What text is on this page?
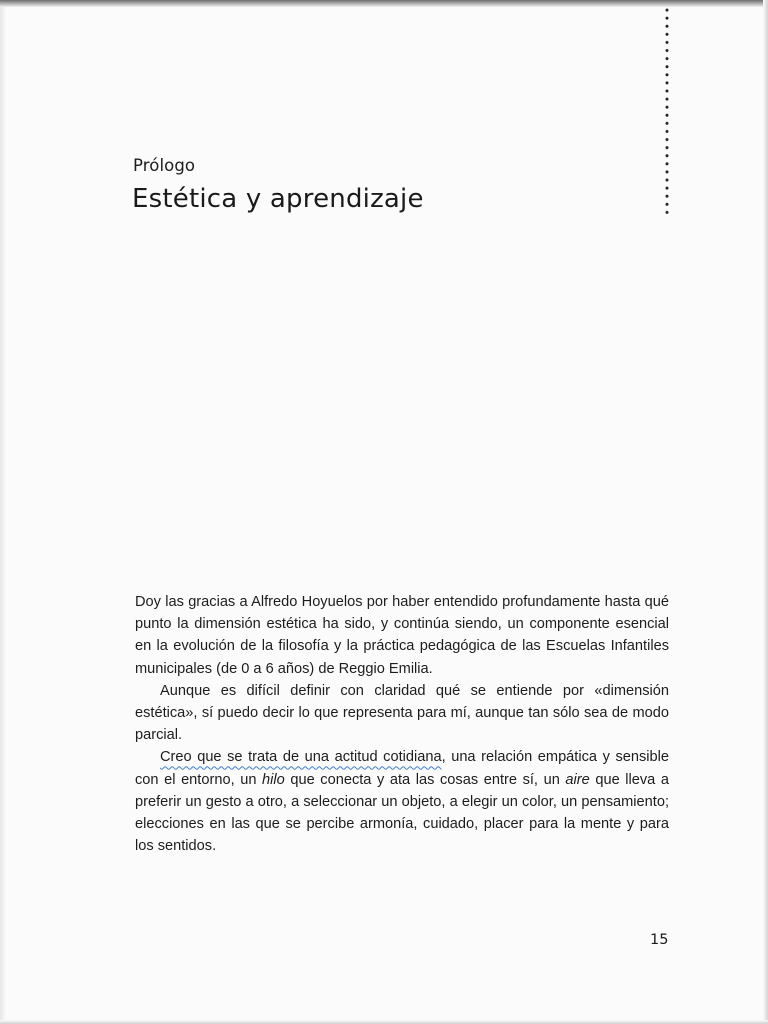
Prólogo

Estética y aprendizaje

Doy las gracias a Alfredo Hoyuelos por haber entendido profundamente hasta qué punto la dimensión estética ha sido, y continúa siendo, un componente esencial en la evolución de la filosofía y la práctica pedagógica de las Escuelas Infantiles municipales (de 0 a 6 años) de Reggio Emilia.

Aunque es difícil definir con claridad qué se entiende por «dimensión estética», sí puedo decir lo que representa para mí, aunque tan sólo sea de modo parcial.

Creo que se trata de una actitud cotidiana, una relación empática y sensible con el entorno, un hilo que conecta y ata las cosas entre sí, un aire que lleva a preferir un gesto a otro, a seleccionar un objeto, a elegir un color, un pensamiento; elecciones en las que se percibe armonía, cuidado, placer para la mente y para los sentidos.

15
